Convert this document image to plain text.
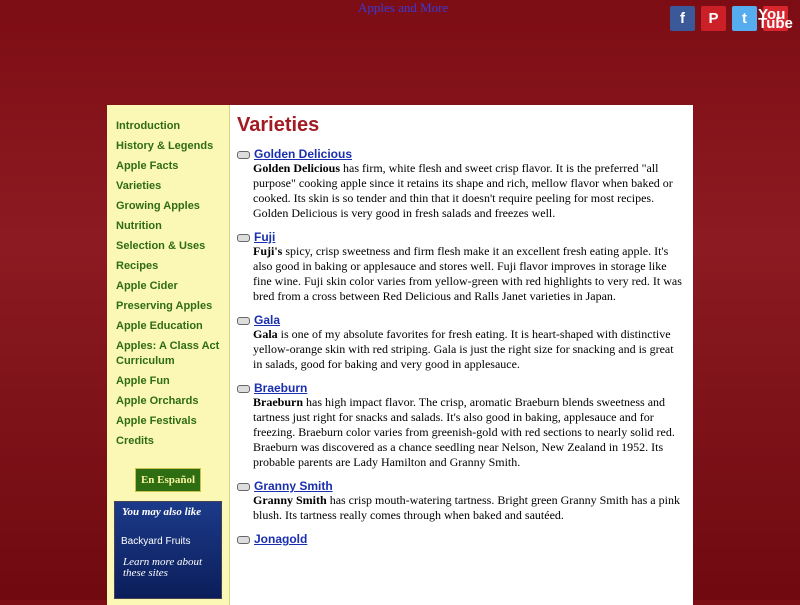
Apples and More
f	P	t You Tube
Introduction
History & Legends
Apple Facts
Varieties
Growing Apples
Nutrition
Selection & Uses
Recipes
Apple Cider
Preserving Apples
Apple Education
Apples: A Class Act Curriculum
Apple Fun
Apple Orchards
Apple Festivals
Credits
En Español
You may also like
Backyard Fruits
Learn more about these sites
Varieties
Golden Delicious

Golden Delicious has firm, white flesh and sweet crisp flavor. It is the preferred "all purpose" cooking apple since it retains its shape and rich, mellow flavor when baked or cooked. Its skin is so tender and thin that it doesn't require peeling for most recipes. Golden Delicious is very good in fresh salads and freezes well.

Fuji

Fuji's spicy, crisp sweetness and firm flesh make it an excellent fresh eating apple. It's also good in baking or applesauce and stores well. Fuji flavor improves in storage like fine wine. Fuji skin color varies from yellow-green with red highlights to very red. It was bred from a cross between Red Delicious and Ralls Janet varieties in Japan.

Gala

Gala is one of my absolute favorites for fresh eating. It is heart-shaped with distinctive yellow-orange skin with red striping. Gala is just the right size for snacking and is great in salads, good for baking and very good in applesauce.

Braeburn

Braeburn has high impact flavor. The crisp, aromatic Braeburn blends sweetness and tartness just right for snacks and salads. It's also good in baking, applesauce and for freezing. Braeburn color varies from greenish-gold with red sections to nearly solid red. Braeburn was discovered as a chance seedling near Nelson, New Zealand in 1952. Its probable parents are Lady Hamilton and Granny Smith.

Granny Smith

Granny Smith has crisp mouth-watering tartness. Bright green Granny Smith has a pink blush. Its tartness really comes through when baked and sautéed.

Jonagold
